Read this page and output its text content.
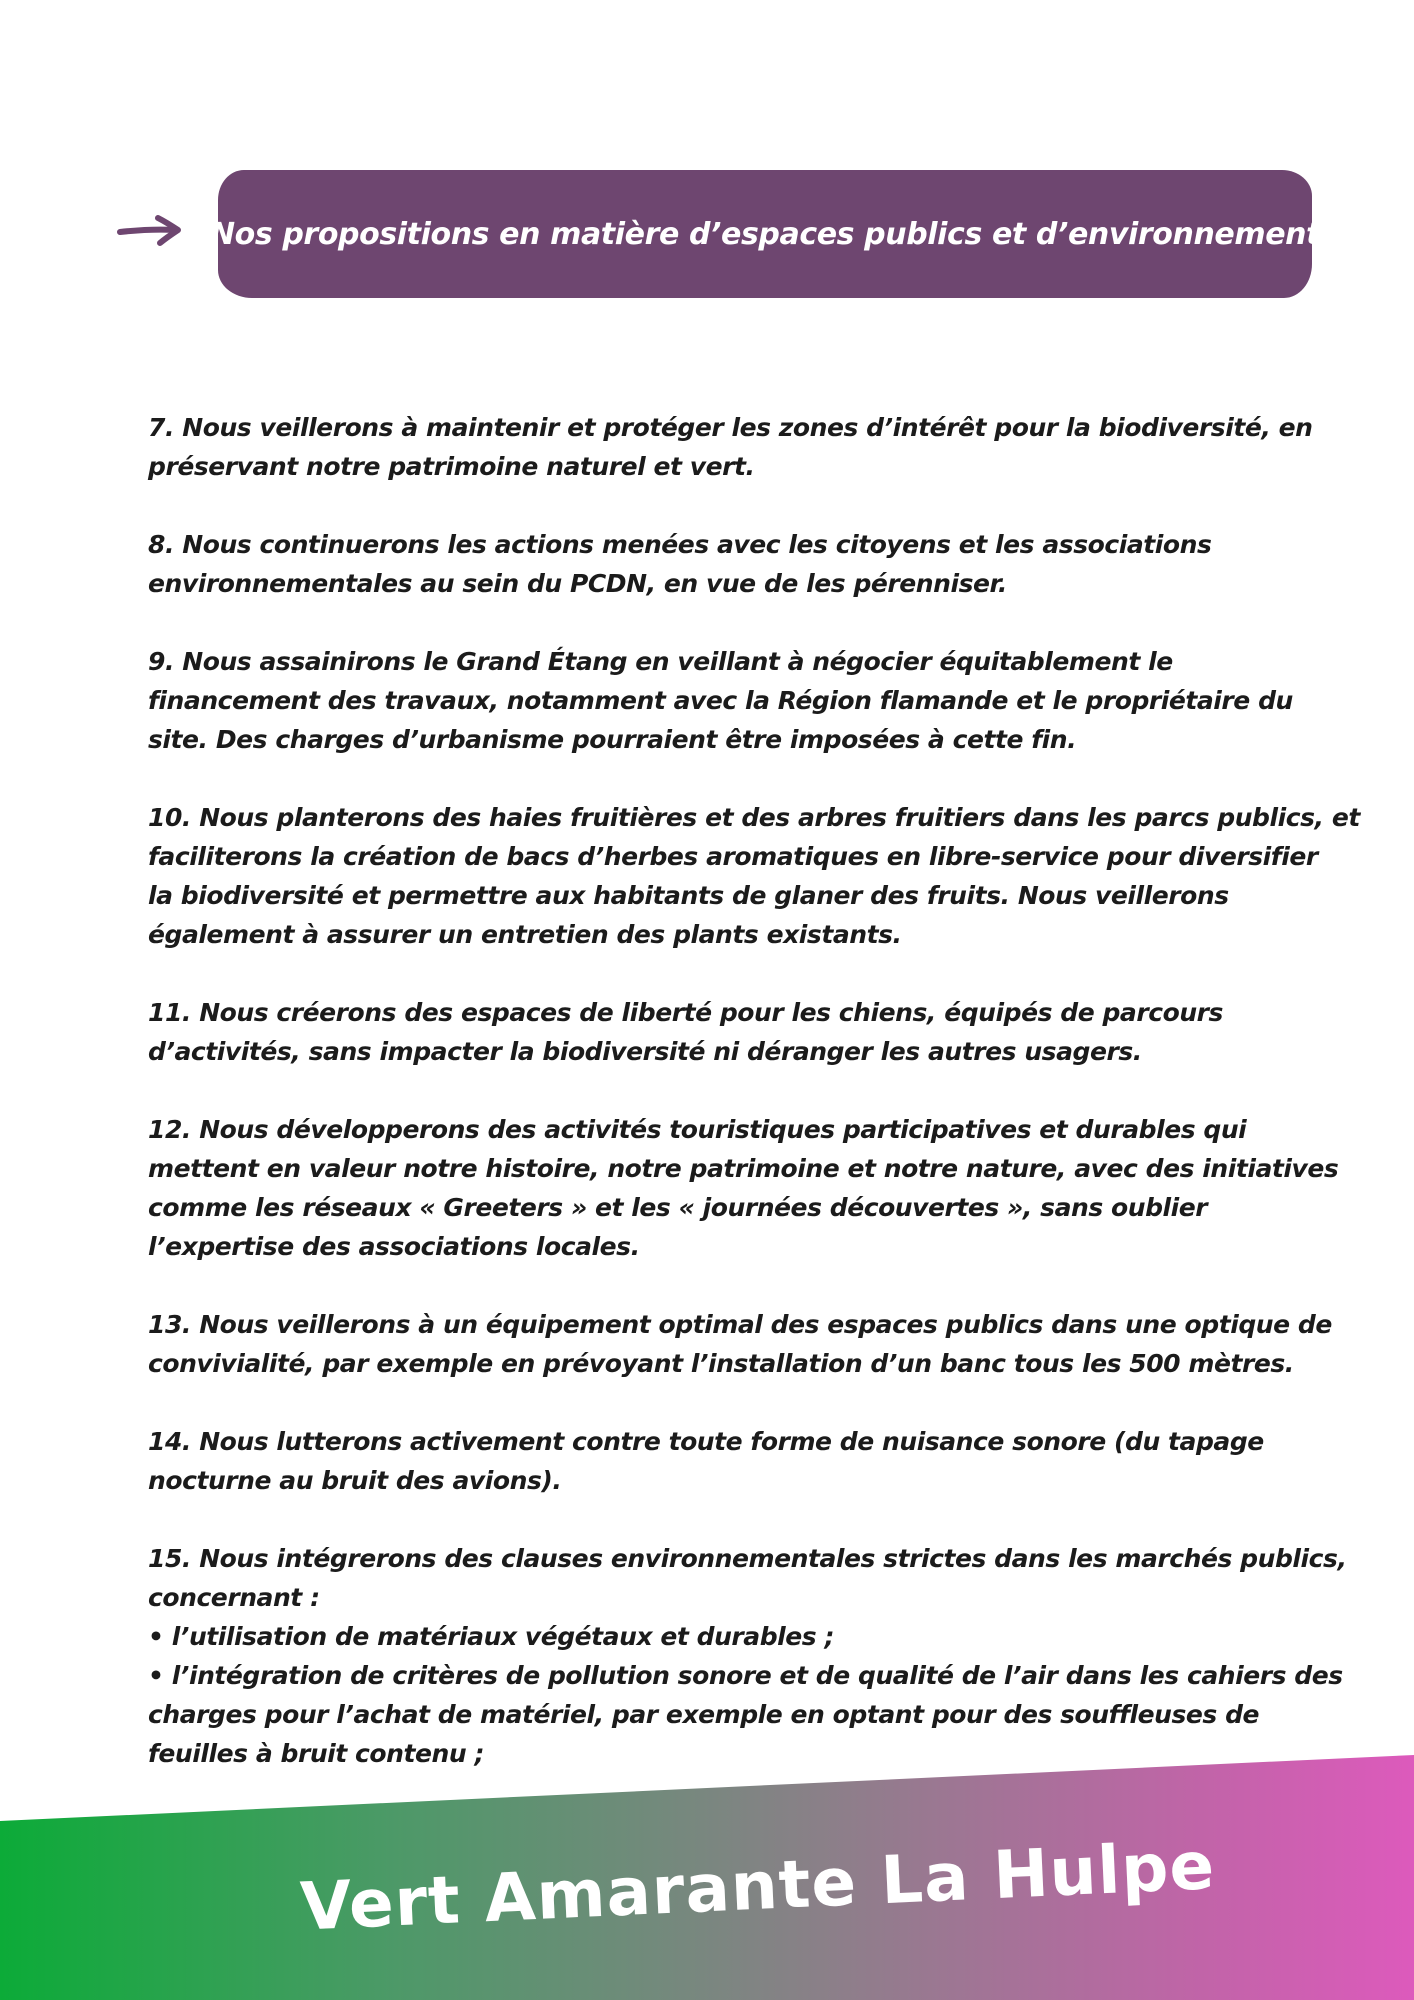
Nos propositions en matière d’espaces publics et d’environnement

7. Nous veillerons à maintenir et protéger les zones d’intérêt pour la biodiversité, en
préservant notre patrimoine naturel et vert.

8. Nous continuerons les actions menées avec les citoyens et les associations
environnementales au sein du PCDN, en vue de les pérenniser.

9. Nous assainirons le Grand Étang en veillant à négocier équitablement le
financement des travaux, notamment avec la Région flamande et le propriétaire du
site. Des charges d’urbanisme pourraient être imposées à cette fin.

10. Nous planterons des haies fruitières et des arbres fruitiers dans les parcs publics, et
faciliterons la création de bacs d’herbes aromatiques en libre-service pour diversifier
la biodiversité et permettre aux habitants de glaner des fruits. Nous veillerons
également à assurer un entretien des plants existants.

11. Nous créerons des espaces de liberté pour les chiens, équipés de parcours
d’activités, sans impacter la biodiversité ni déranger les autres usagers.

12. Nous développerons des activités touristiques participatives et durables qui
mettent en valeur notre histoire, notre patrimoine et notre nature, avec des initiatives
comme les réseaux « Greeters » et les « journées découvertes », sans oublier
l’expertise des associations locales.

13. Nous veillerons à un équipement optimal des espaces publics dans une optique de
convivialité, par exemple en prévoyant l’installation d’un banc tous les 500 mètres.

14. Nous lutterons activement contre toute forme de nuisance sonore (du tapage
nocturne au bruit des avions).

15. Nous intégrerons des clauses environnementales strictes dans les marchés publics,
concernant :
• l’utilisation de matériaux végétaux et durables ;
• l’intégration de critères de pollution sonore et de qualité de l’air dans les cahiers des
charges pour l’achat de matériel, par exemple en optant pour des souffleuses de
feuilles à bruit contenu ;

Vert Amarante La Hulpe
